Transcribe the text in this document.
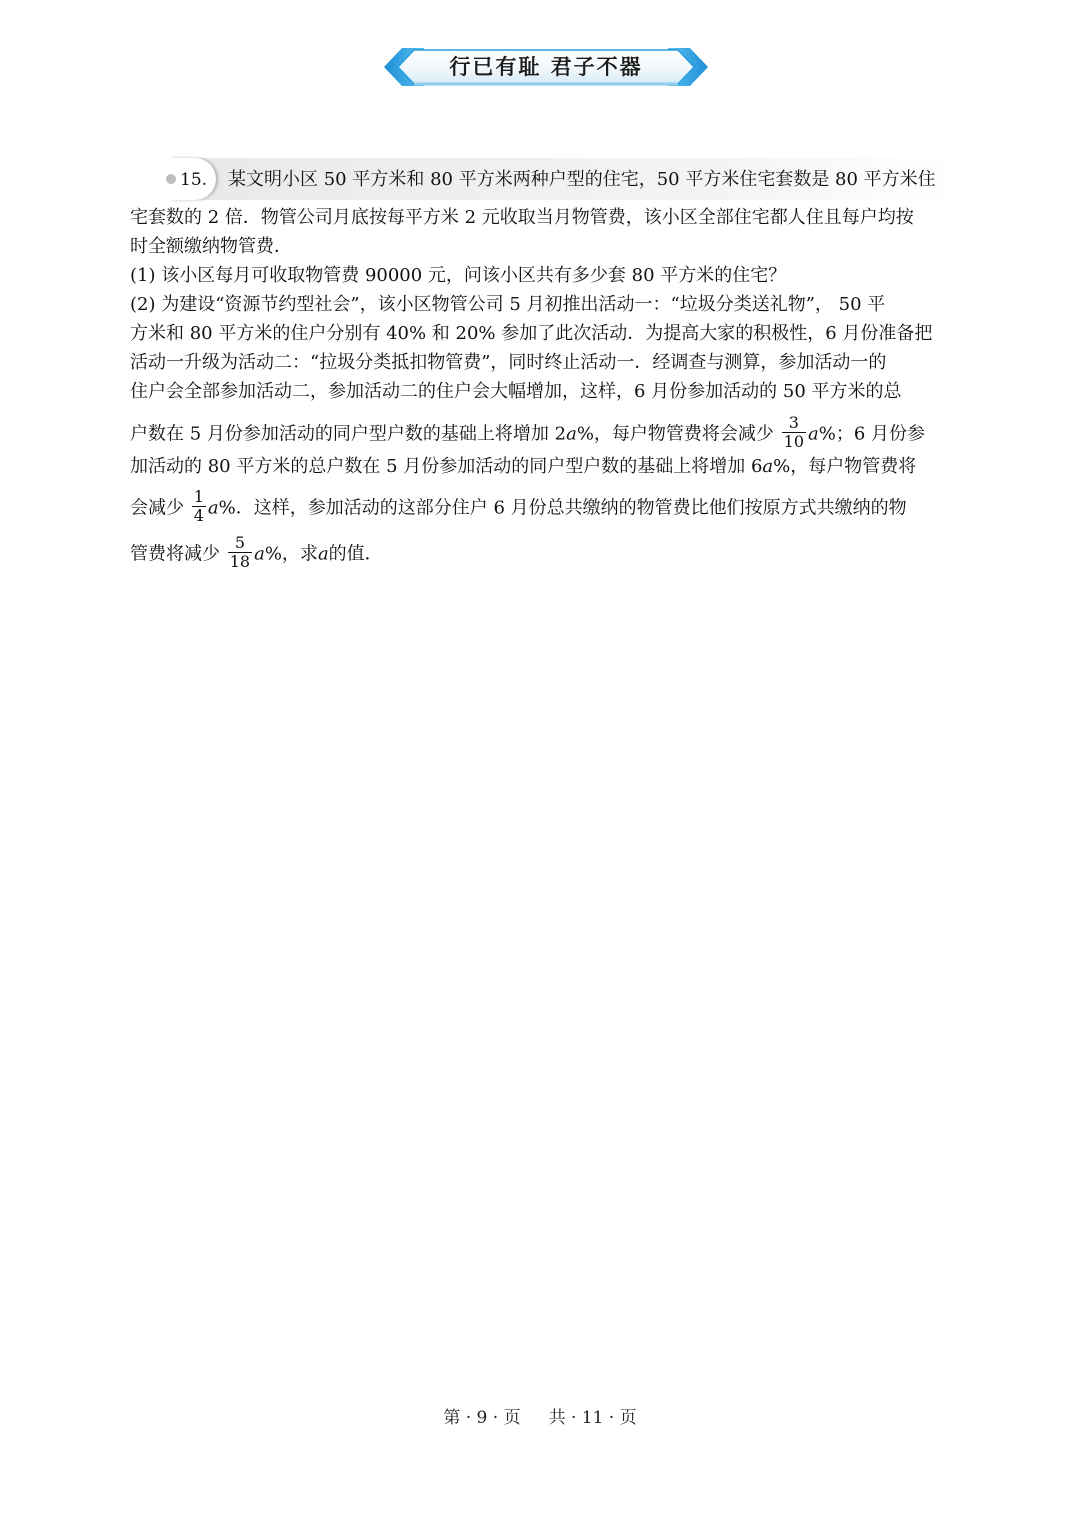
行已有耻 君子不器
15. 某文明小区 50 平方米和 80 平方米两种户型的住宅，50 平方米住宅套数是 80 平方米住
宅套数的 2 倍．物管公司月底按每平方米 2 元收取当月物管费，该小区全部住宅都人住且每户均按
时全额缴纳物管费．
(1) 该小区每月可收取物管费 90000 元，问该小区共有多少套 80 平方米的住宅？
(2) 为建设“资源节约型社会”，该小区物管公司 5 月初推出活动一：“垃圾分类送礼物”， 50 平
方米和 80 平方米的住户分别有 40% 和 20% 参加了此次活动．为提高大家的积极性，6 月份准备把
活动一升级为活动二：“拉圾分类抵扣物管费”，同时终止活动一．经调查与测算，参加活动一的
住户会全部参加活动二，参加活动二的住户会大幅增加，这样，6 月份参加活动的 50 平方米的总
户数在 5 月份参加活动的同户型户数的基础上将增加 2a%，每户物管费将会减少 $\frac{3}{10} a\%$；6 月份参
加活动的 80 平方米的总户数在 5 月份参加活动的同户型户数的基础上将增加 6a%，每户物管费将
会减少 $\frac{1}{4} a\%$．这样，参加活动的这部分住户 6 月份总共缴纳的物管费比他们按原方式共缴纳的物
管费将减少 $\frac{5}{18} a\%$，求a的值．
第 · 9 · 页 共 · 11 · 页
